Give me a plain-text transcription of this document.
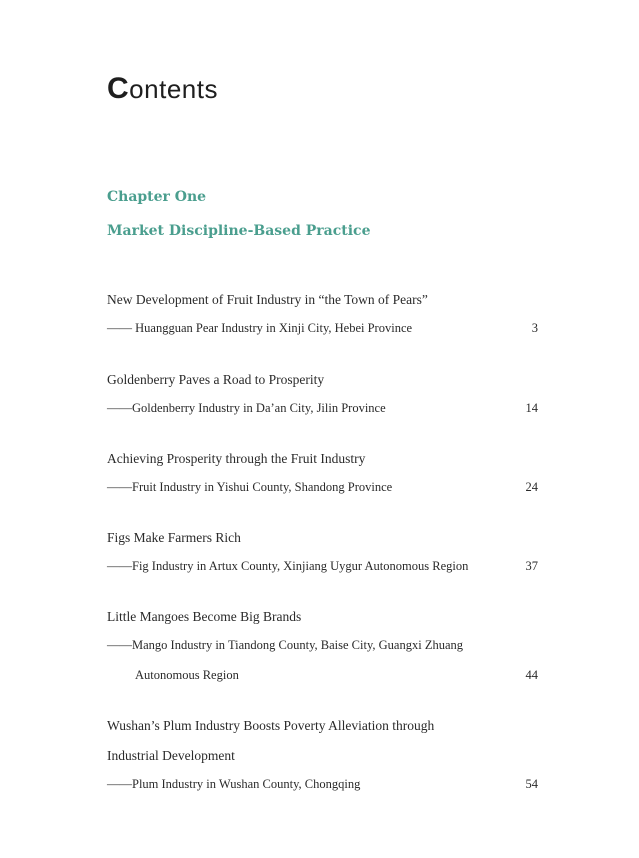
Contents
Chapter One
Market Discipline-Based Practice
New Development of Fruit Industry in “the Town of Pears”
—— Huangguan Pear Industry in Xinji City, Hebei Province	3
Goldenberry Paves a Road to Prosperity
——Goldenberry Industry in Da’an City, Jilin Province	14
Achieving Prosperity through the Fruit Industry
——Fruit Industry in Yishui County, Shandong Province	24
Figs Make Farmers Rich
——Fig Industry in Artux County, Xinjiang Uygur Autonomous Region	37
Little Mangoes Become Big Brands
——Mango Industry in Tiandong County, Baise City, Guangxi Zhuang
Autonomous Region	44
Wushan’s Plum Industry Boosts Poverty Alleviation through
Industrial Development
——Plum Industry in Wushan County, Chongqing	54
